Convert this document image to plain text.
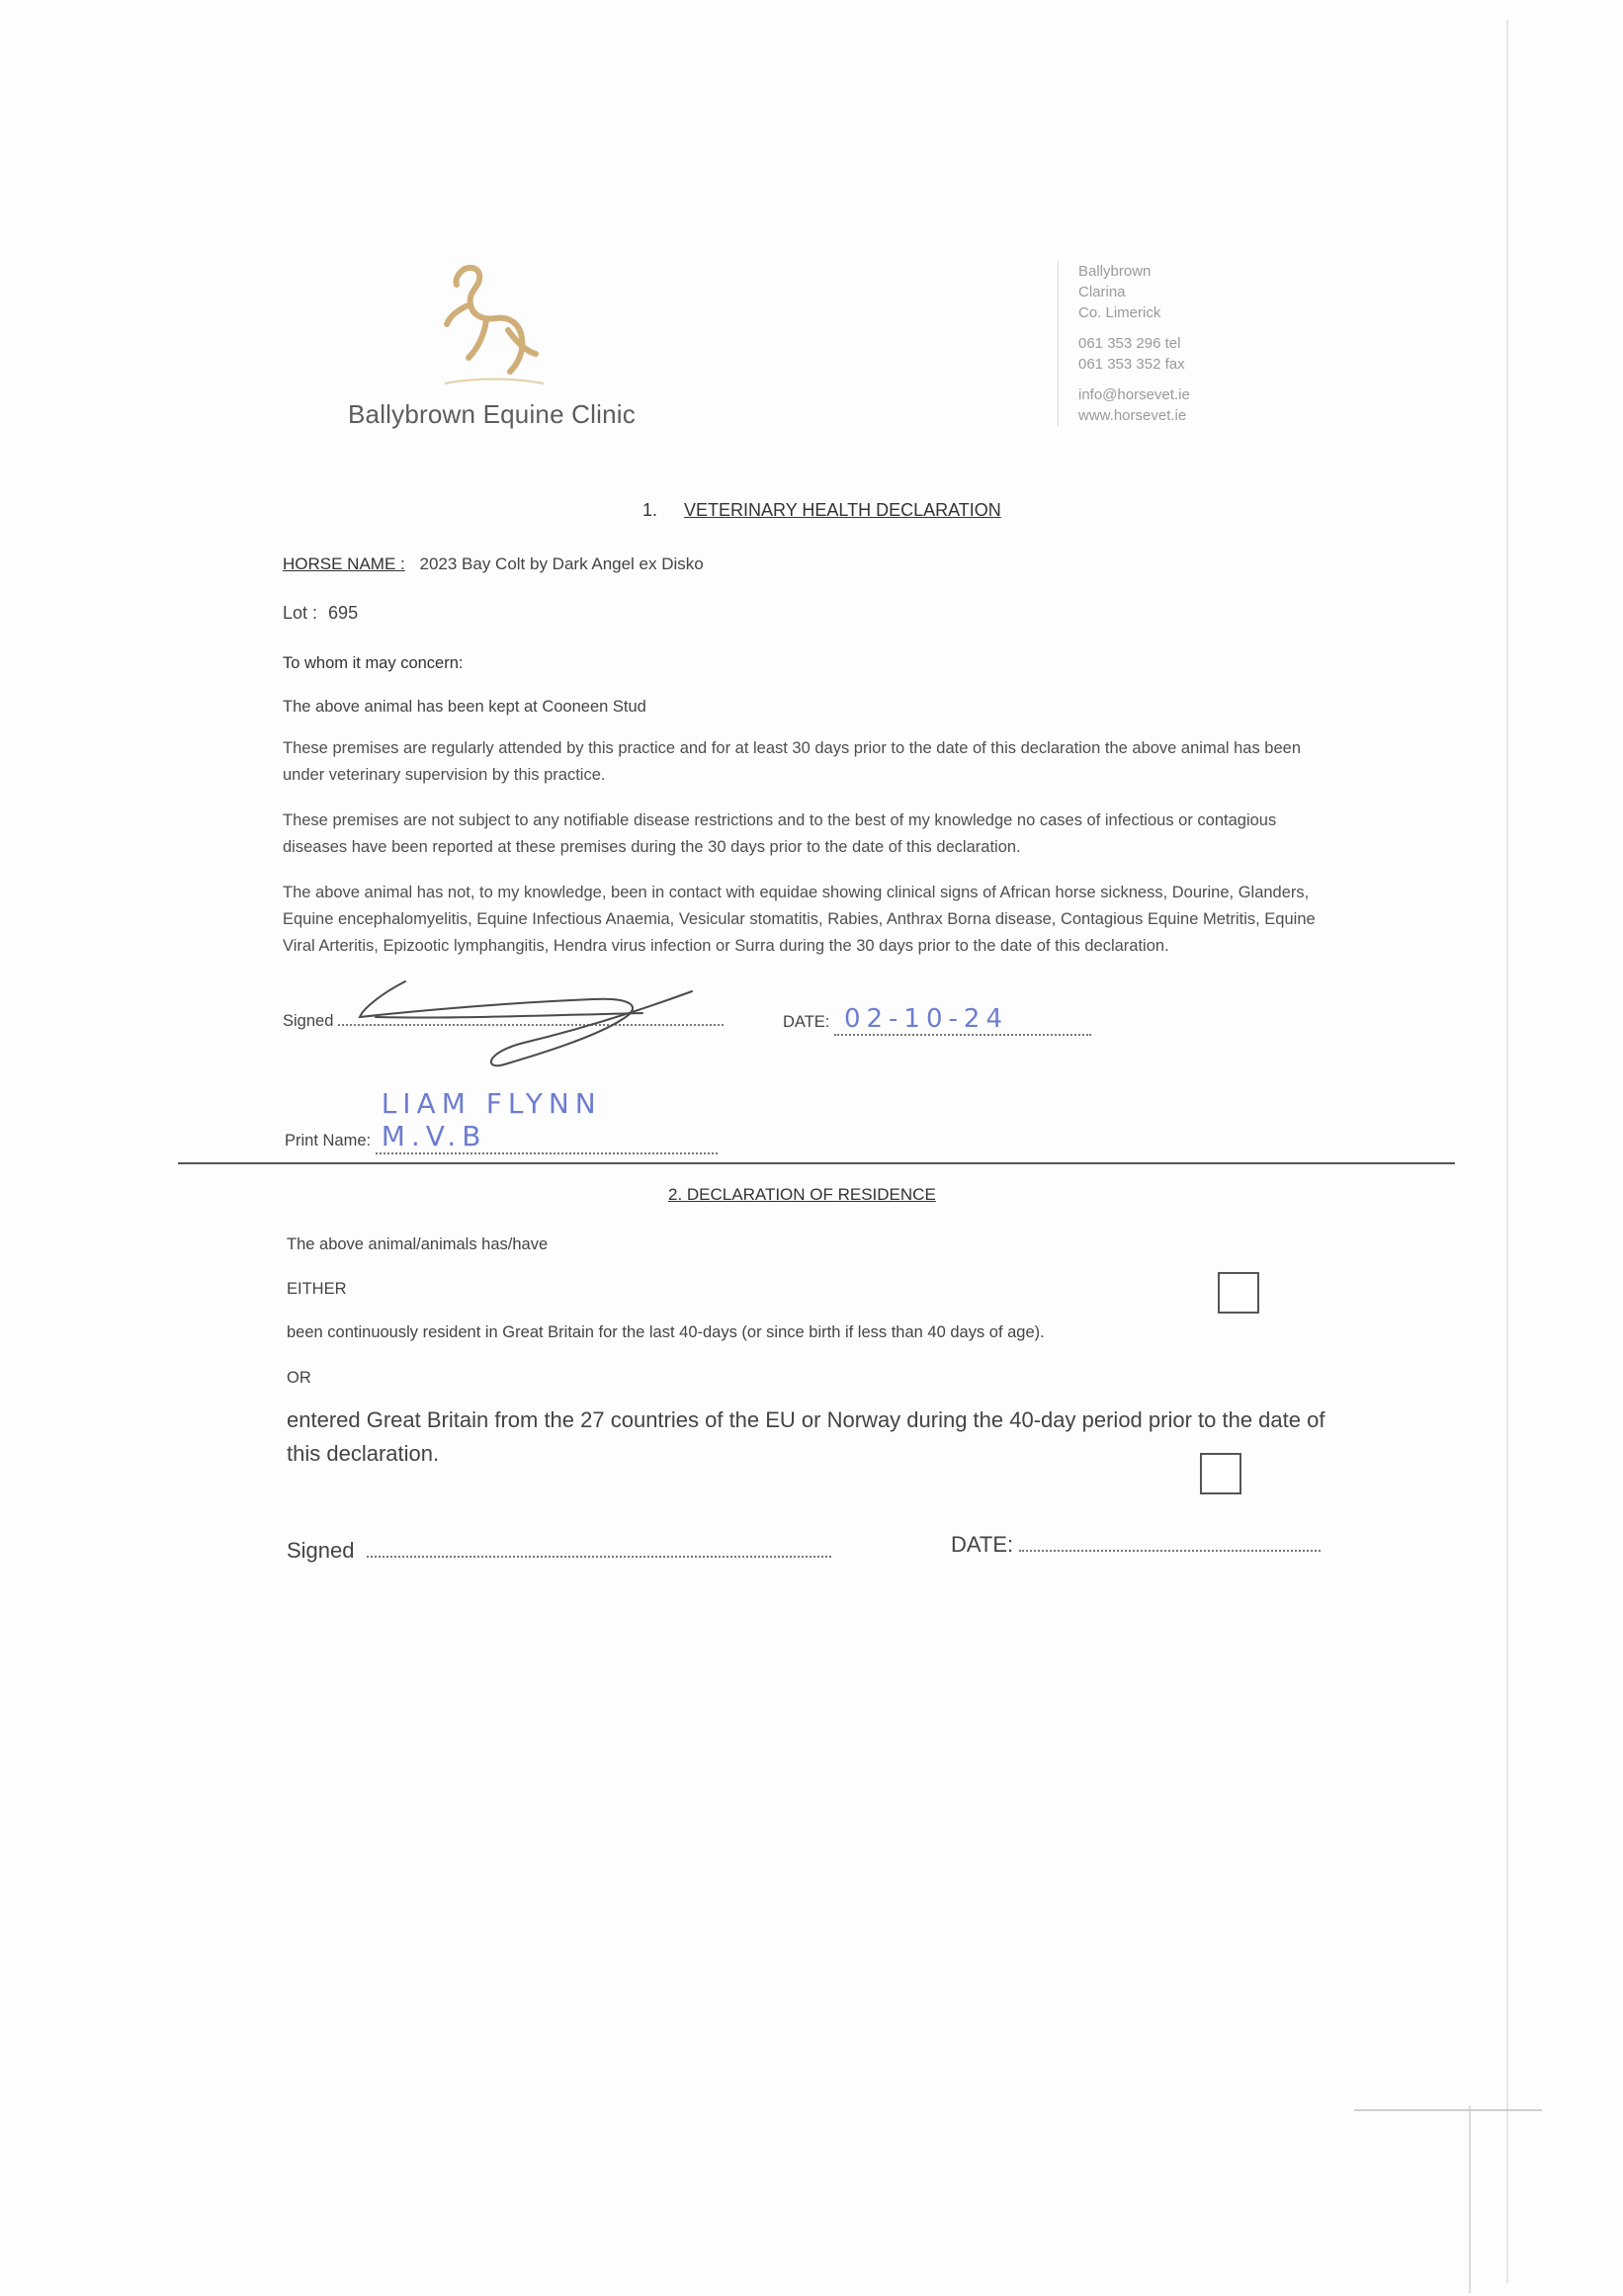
Ballybrown Equine Clinic
Ballybrown
Clarina
Co. Limerick
061 353 296 tel
061 353 352 fax
info@horsevet.ie
www.horsevet.ie
1. VETERINARY HEALTH DECLARATION
HORSE NAME : 2023 Bay Colt by Dark Angel ex Disko
Lot : 695
To whom it may concern:
The above animal has been kept at Cooneen Stud
These premises are regularly attended by this practice and for at least 30 days prior to the date of this declaration the above animal has been under veterinary supervision by this practice.
These premises are not subject to any notifiable disease restrictions and to the best of my knowledge no cases of infectious or contagious diseases have been reported at these premises during the 30 days prior to the date of this declaration.
The above animal has not, to my knowledge, been in contact with equidae showing clinical signs of African horse sickness, Dourine, Glanders, Equine encephalomyelitis, Equine Infectious Anaemia, Vesicular stomatitis, Rabies, Anthrax Borna disease, Contagious Equine Metritis, Equine Viral Arteritis, Epizootic lymphangitis, Hendra virus infection or Surra during the 30 days prior to the date of this declaration.
Signed	DATE: 02-10-24
Print Name: LIAM FLYNN M.V.B
2. DECLARATION OF RESIDENCE
The above animal/animals has/have
EITHER
been continuously resident in Great Britain for the last 40-days (or since birth if less than 40 days of age).
OR
entered Great Britain from the 27 countries of the EU or Norway during the 40-day period prior to the date of this declaration.
Signed	DATE:
